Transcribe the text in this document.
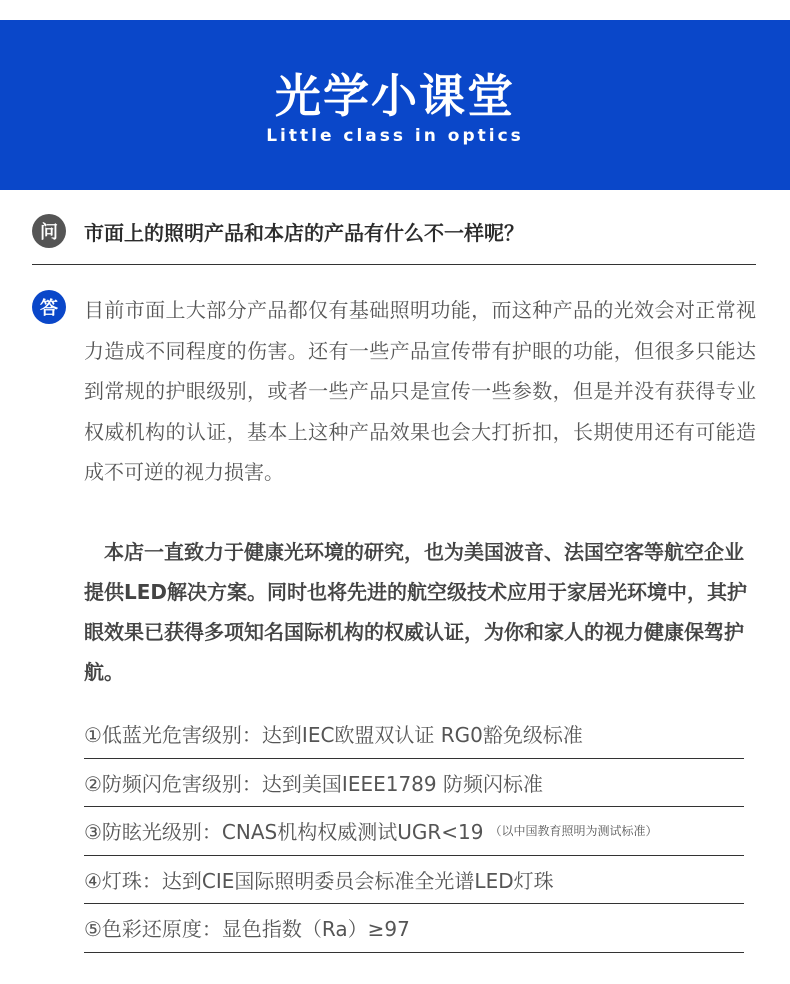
光学小课堂
Little class in optics
问	市面上的照明产品和本店的产品有什么不一样呢？
答	目前市面上大部分产品都仅有基础照明功能，而这种产品的光效会对正常视力造成不同程度的伤害。还有一些产品宣传带有护眼的功能，但很多只能达到常规的护眼级别，或者一些产品只是宣传一些参数，但是并没有获得专业权威机构的认证，基本上这种产品效果也会大打折扣，长期使用还有可能造成不可逆的视力损害。
本店一直致力于健康光环境的研究，也为美国波音、法国空客等航空企业提供LED解决方案。同时也将先进的航空级技术应用于家居光环境中，其护眼效果已获得多项知名国际机构的权威认证，为你和家人的视力健康保驾护航。
①低蓝光危害级别：达到IEC欧盟双认证 RG0豁免级标准
②防频闪危害级别：达到美国IEEE1789 防频闪标准
③防眩光级别：CNAS机构权威测试UGR<19 （以中国教育照明为测试标准）
④灯珠：达到CIE国际照明委员会标准全光谱LED灯珠
⑤色彩还原度：显色指数（Ra）≥97
